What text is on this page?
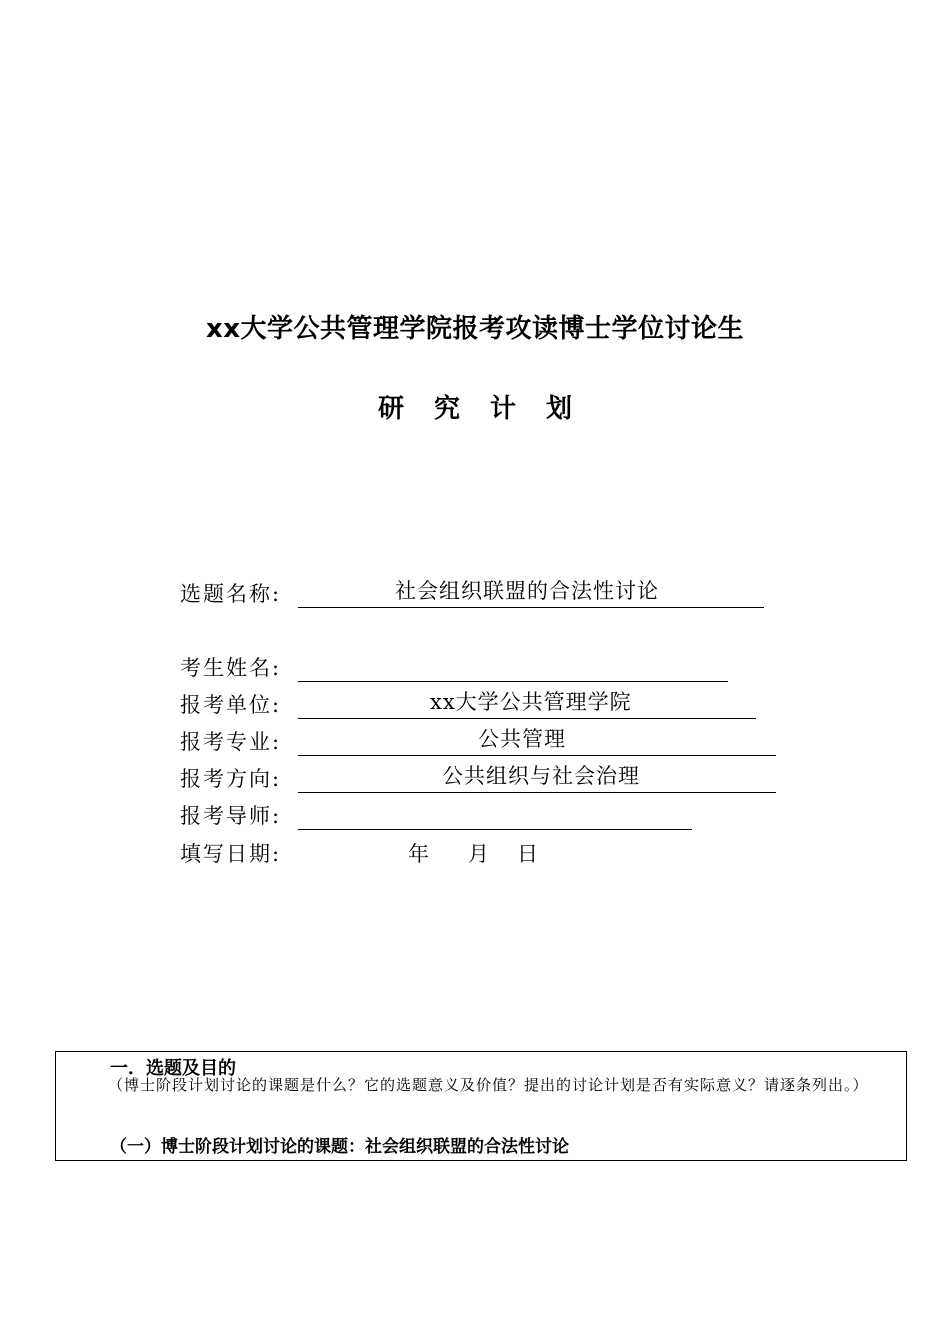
xx大学公共管理学院报考攻读博士学位讨论生
研究计划
选题名称:	社会组织联盟的合法性讨论
考生姓名:
报考单位:	xx大学公共管理学院
报考专业:	公共管理
报考方向:	公共组织与社会治理
报考导师:
填写日期:	年 月 日
一．选题及目的
（博士阶段计划讨论的课题是什么？它的选题意义及价值？提出的讨论计划是否有实际意义？请逐条列出。）
（一）博士阶段计划讨论的课题：社会组织联盟的合法性讨论
